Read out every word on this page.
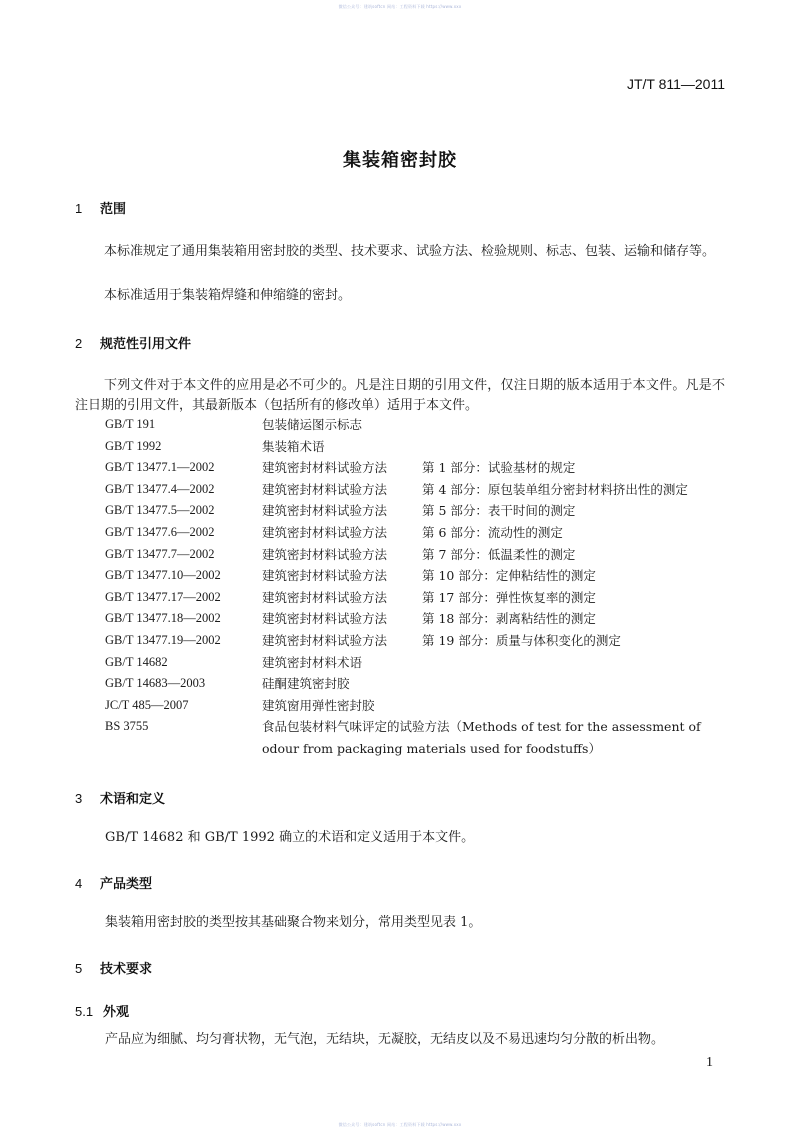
微信公众号：建筑softcn 网站：工程资料下载 https://www.xxx
JT/T 811—2011
集装箱密封胶
1 范围
本标准规定了通用集装箱用密封胶的类型、技术要求、试验方法、检验规则、标志、包装、运输和储存等。
本标准适用于集装箱焊缝和伸缩缝的密封。
2 规范性引用文件
下列文件对于本文件的应用是必不可少的。凡是注日期的引用文件，仅注日期的版本适用于本文件。凡是不注日期的引用文件，其最新版本（包括所有的修改单）适用于本文件。
GB/T 191	包装储运图示标志
GB/T 1992	集装箱术语
GB/T 13477.1—2002	建筑密封材料试验方法	第 1 部分：试验基材的规定
GB/T 13477.4—2002	建筑密封材料试验方法	第 4 部分：原包装单组分密封材料挤出性的测定
GB/T 13477.5—2002	建筑密封材料试验方法	第 5 部分：表干时间的测定
GB/T 13477.6—2002	建筑密封材料试验方法	第 6 部分：流动性的测定
GB/T 13477.7—2002	建筑密封材料试验方法	第 7 部分：低温柔性的测定
GB/T 13477.10—2002	建筑密封材料试验方法	第 10 部分：定伸粘结性的测定
GB/T 13477.17—2002	建筑密封材料试验方法	第 17 部分：弹性恢复率的测定
GB/T 13477.18—2002	建筑密封材料试验方法	第 18 部分：剥离粘结性的测定
GB/T 13477.19—2002	建筑密封材料试验方法	第 19 部分：质量与体积变化的测定
GB/T 14682	建筑密封材料术语
GB/T 14683—2003	硅酮建筑密封胶
JC/T 485—2007	建筑窗用弹性密封胶
BS 3755	食品包装材料气味评定的试验方法（Methods of test for the assessment of odour from packaging materials used for foodstuffs）
3 术语和定义
GB/T 14682 和 GB/T 1992 确立的术语和定义适用于本文件。
4 产品类型
集装箱用密封胶的类型按其基础聚合物来划分，常用类型见表 1。
5 技术要求
5.1 外观
产品应为细腻、均匀膏状物，无气泡，无结块，无凝胶，无结皮以及不易迅速均匀分散的析出物。
1
微信公众号：建筑softcn 网站：工程资料下载 https://www.xxx
